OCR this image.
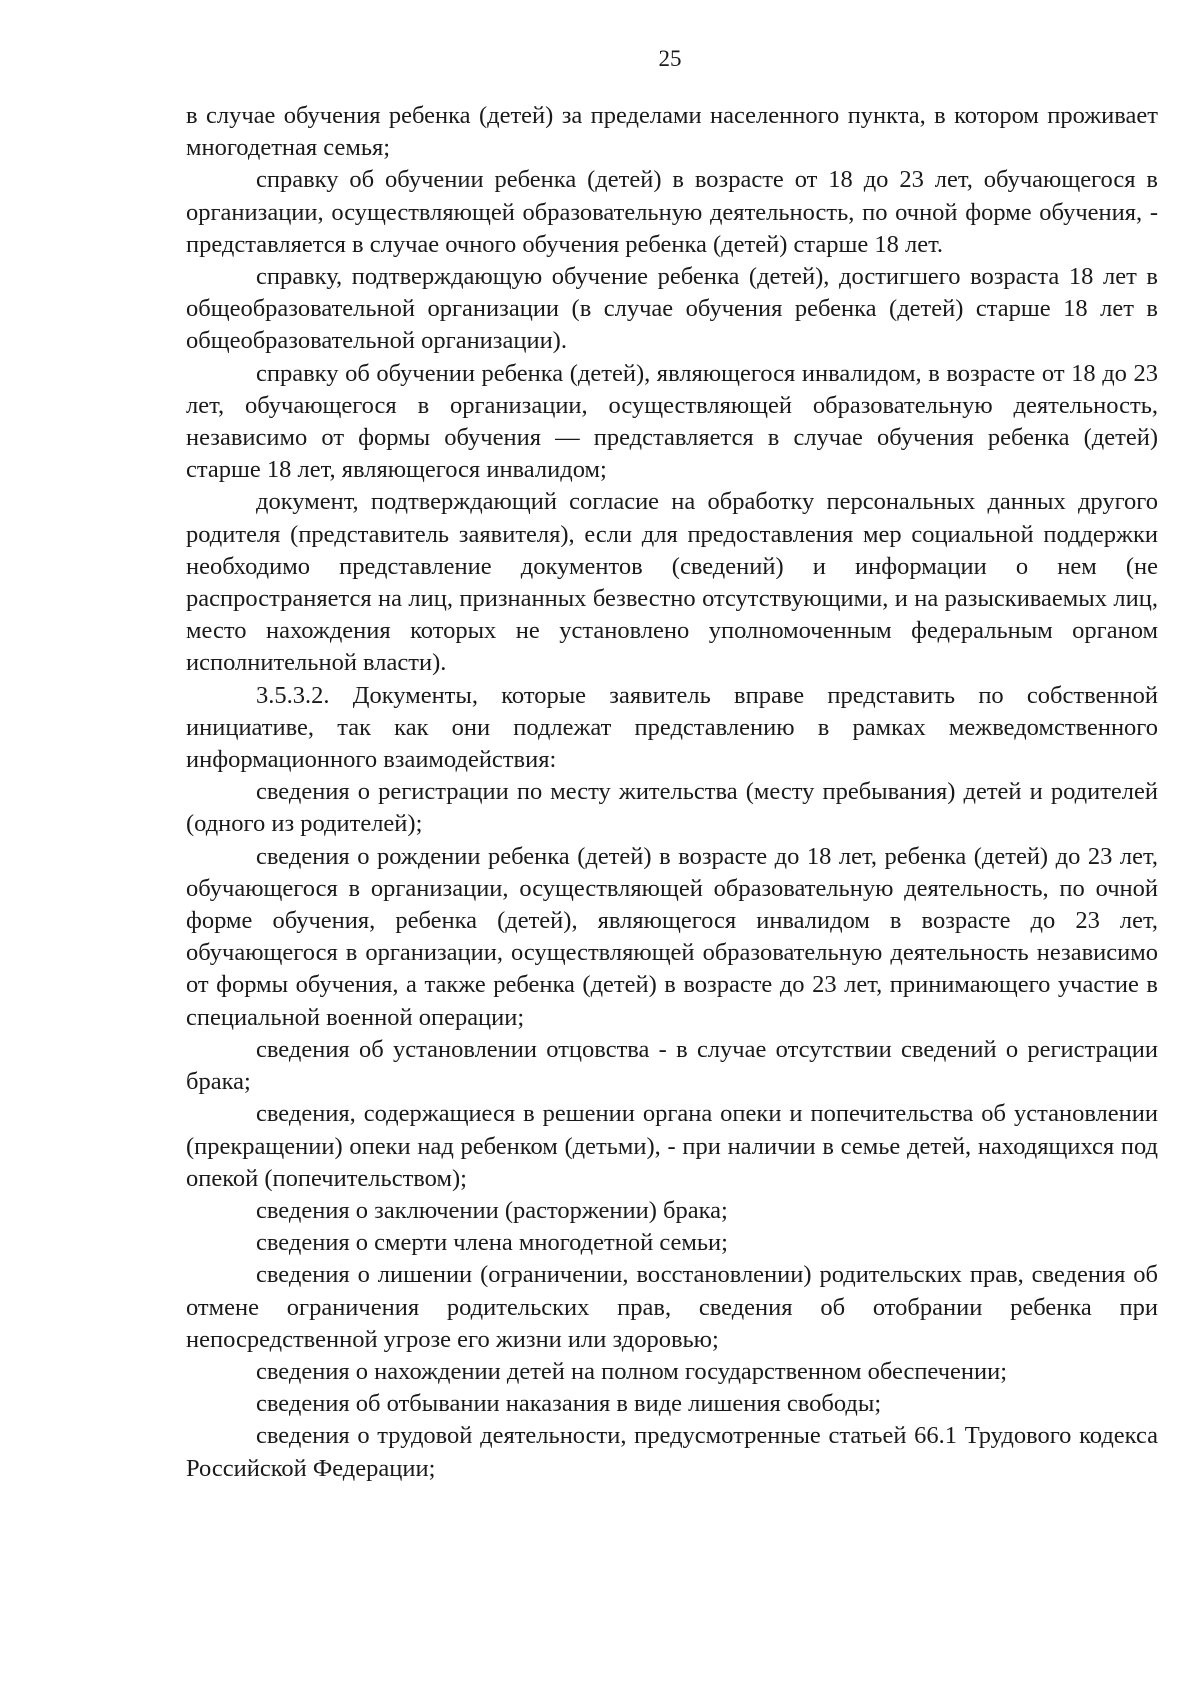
25

в случае обучения ребенка (детей) за пределами населенного пункта, в котором проживает многодетная семья;

справку об обучении ребенка (детей) в возрасте от 18 до 23 лет, обучающегося в организации, осуществляющей образовательную деятельность, по очной форме обучения, - представляется в случае очного обучения ребенка (детей) старше 18 лет.

справку, подтверждающую обучение ребенка (детей), достигшего возраста 18 лет в общеобразовательной организации (в случае обучения ребенка (детей) старше 18 лет в общеобразовательной организации).

справку об обучении ребенка (детей), являющегося инвалидом, в возрасте от 18 до 23 лет, обучающегося в организации, осуществляющей образовательную деятельность, независимо от формы обучения — представляется в случае обучения ребенка (детей) старше 18 лет, являющегося инвалидом;

документ, подтверждающий согласие на обработку персональных данных другого родителя (представитель заявителя), если для предоставления мер социальной поддержки необходимо представление документов (сведений) и информации о нем (не распространяется на лиц, признанных безвестно отсутствующими, и на разыскиваемых лиц, место нахождения которых не установлено уполномоченным федеральным органом исполнительной власти).

3.5.3.2. Документы, которые заявитель вправе представить по собственной инициативе, так как они подлежат представлению в рамках межведомственного информационного взаимодействия:

сведения о регистрации по месту жительства (месту пребывания) детей и родителей (одного из родителей);

сведения о рождении ребенка (детей) в возрасте до 18 лет, ребенка (детей) до 23 лет, обучающегося в организации, осуществляющей образовательную деятельность, по очной форме обучения, ребенка (детей), являющегося инвалидом в возрасте до 23 лет, обучающегося в организации, осуществляющей образовательную деятельность независимо от формы обучения, а также ребенка (детей) в возрасте до 23 лет, принимающего участие в специальной военной операции;

сведения об установлении отцовства - в случае отсутствии сведений о регистрации брака;

сведения, содержащиеся в решении органа опеки и попечительства об установлении (прекращении) опеки над ребенком (детьми), - при наличии в семье детей, находящихся под опекой (попечительством);

сведения о заключении (расторжении) брака;

сведения о смерти члена многодетной семьи;

сведения о лишении (ограничении, восстановлении) родительских прав, сведения об отмене ограничения родительских прав, сведения об отобрании ребенка при непосредственной угрозе его жизни или здоровью;

сведения о нахождении детей на полном государственном обеспечении;

сведения об отбывании наказания в виде лишения свободы;

сведения о трудовой деятельности, предусмотренные статьей 66.1 Трудового кодекса Российской Федерации;
